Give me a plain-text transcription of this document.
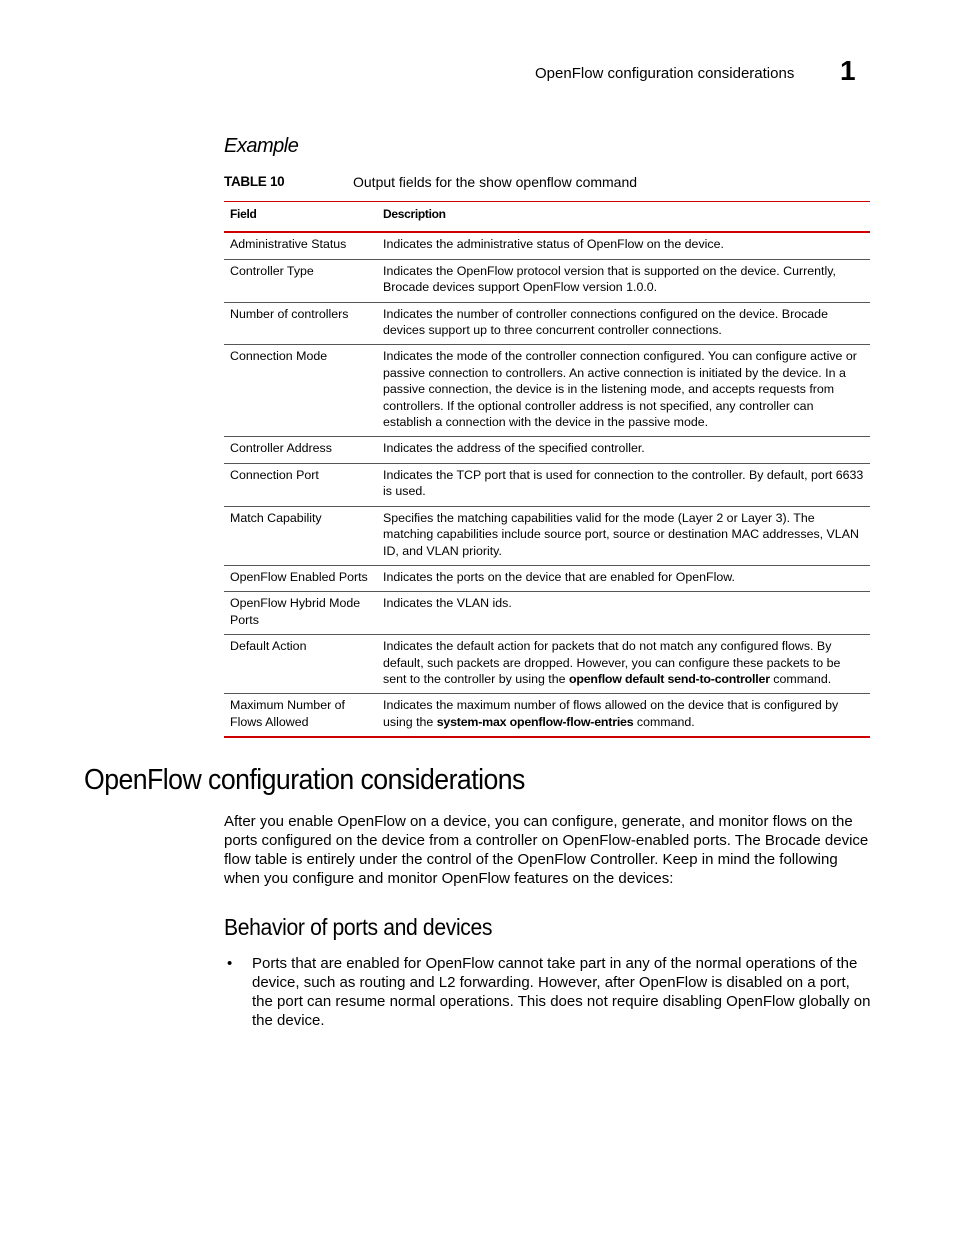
OpenFlow configuration considerations 1
Example
TABLE 10	Output fields for the show openflow command
Field	Description
Administrative Status	Indicates the administrative status of OpenFlow on the device.
Controller Type	Indicates the OpenFlow protocol version that is supported on the device. Currently, Brocade devices support OpenFlow version 1.0.0.
Number of controllers	Indicates the number of controller connections configured on the device. Brocade devices support up to three concurrent controller connections.
Connection Mode	Indicates the mode of the controller connection configured. You can configure active or passive connection to controllers. An active connection is initiated by the device. In a passive connection, the device is in the listening mode, and accepts requests from controllers. If the optional controller address is not specified, any controller can establish a connection with the device in the passive mode.
Controller Address	Indicates the address of the specified controller.
Connection Port	Indicates the TCP port that is used for connection to the controller. By default, port 6633 is used.
Match Capability	Specifies the matching capabilities valid for the mode (Layer 2 or Layer 3). The matching capabilities include source port, source or destination MAC addresses, VLAN ID, and VLAN priority.
OpenFlow Enabled Ports	Indicates the ports on the device that are enabled for OpenFlow.
OpenFlow Hybrid Mode Ports	Indicates the VLAN ids.
Default Action	Indicates the default action for packets that do not match any configured flows. By default, such packets are dropped. However, you can configure these packets to be sent to the controller by using the openflow default send-to-controller command.
Maximum Number of Flows Allowed	Indicates the maximum number of flows allowed on the device that is configured by using the system-max openflow-flow-entries command.
OpenFlow configuration considerations

After you enable OpenFlow on a device, you can configure, generate, and monitor flows on the ports configured on the device from a controller on OpenFlow-enabled ports. The Brocade device flow table is entirely under the control of the OpenFlow Controller. Keep in mind the following when you configure and monitor OpenFlow features on the devices:

Behavior of ports and devices
• Ports that are enabled for OpenFlow cannot take part in any of the normal operations of the device, such as routing and L2 forwarding. However, after OpenFlow is disabled on a port, the port can resume normal operations. This does not require disabling OpenFlow globally on the device.
